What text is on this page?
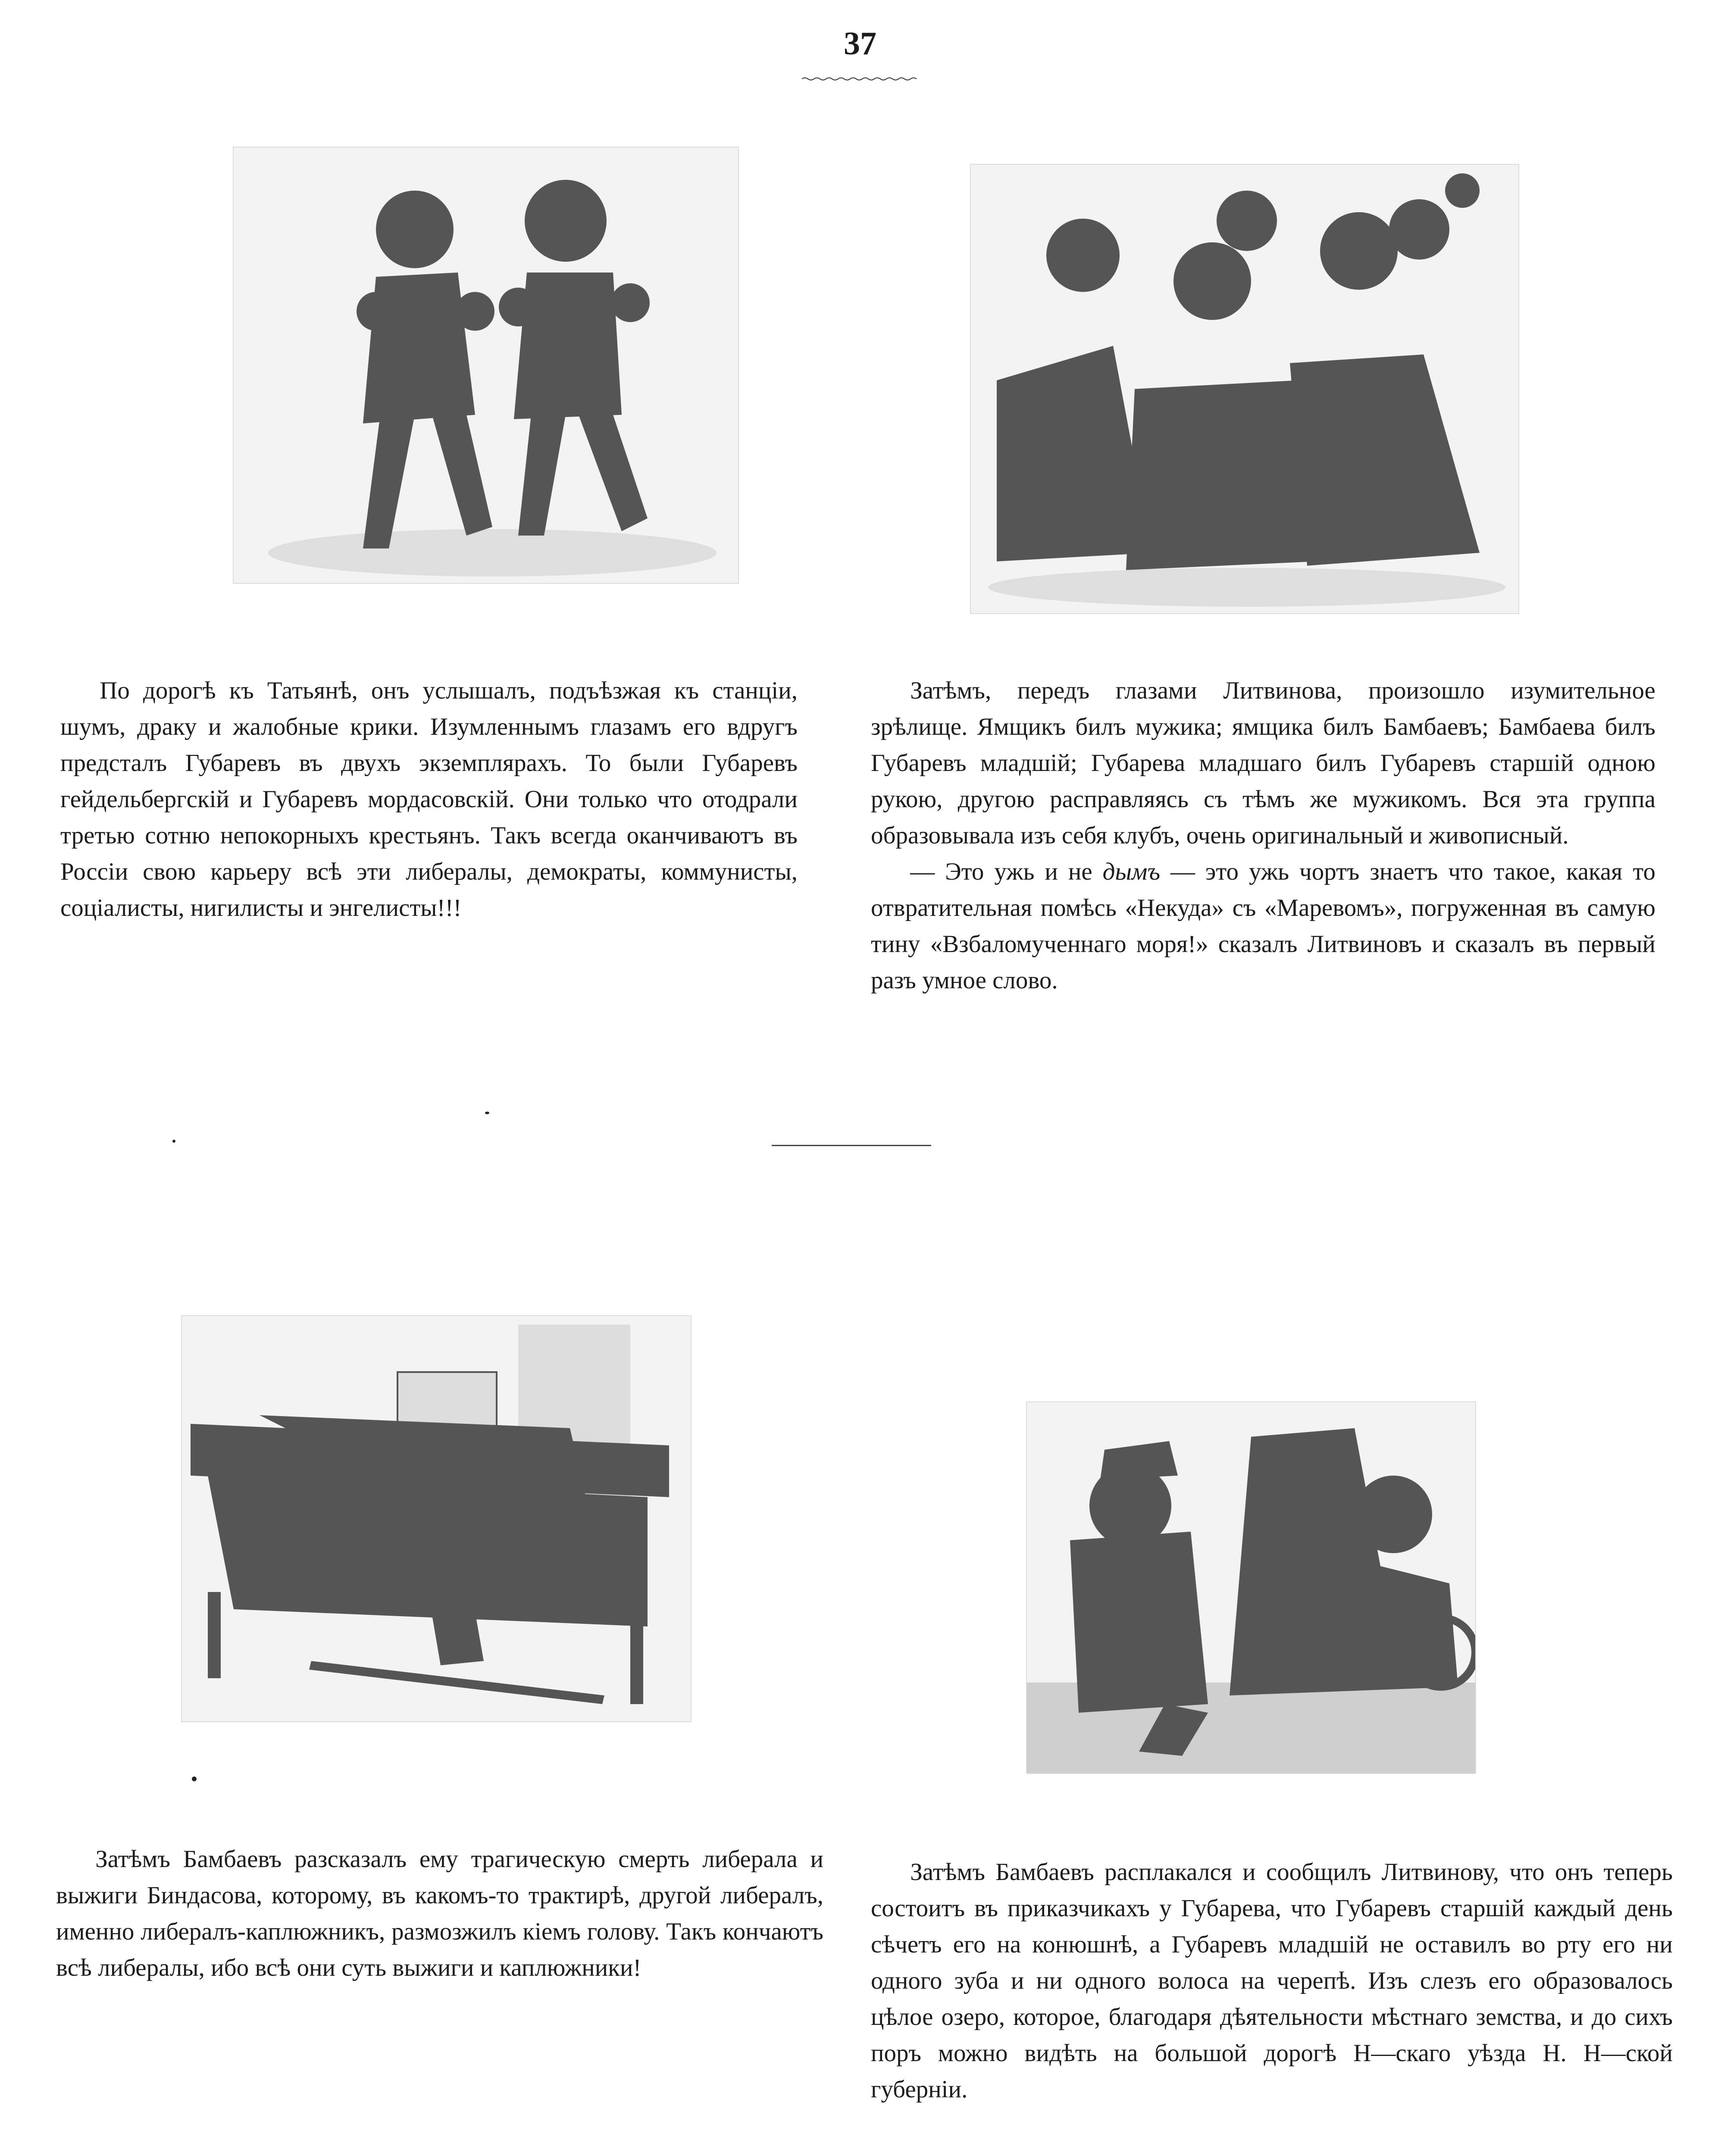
37

По дорогѣ къ Татьянѣ, онъ услышалъ, подъѣзжая къ станціи, шумъ, драку и жалобные крики. Изумленнымъ глазамъ его вдругъ предсталъ Губаревъ въ двухъ экземплярахъ. То были Губаревъ гейдельбергскій и Губаревъ мордасовскій. Они только что отодрали третью сотню непокорныхъ крестьянъ. Такъ всегда оканчиваютъ въ Россіи свою карьеру всѣ эти либералы, демократы, коммунисты, соціалисты, нигилисты и энгелисты!!!

Затѣмъ, передъ глазами Литвинова, произошло изумительное зрѣлище. Ямщикъ билъ мужика; ямщика билъ Бамбаевъ; Бамбаева билъ Губаревъ младшій; Губарева младшаго билъ Губаревъ старшій одною рукою, другою расправляясь съ тѣмъ же мужикомъ. Вся эта группа образовывала изъ себя клубъ, очень оригинальный и живописный.

— Это ужь и не дымъ — это ужь чортъ знаетъ что такое, какая то отвратительная помѣсь «Некуда» съ «Маревомъ», погруженная въ самую тину «Взбаломученнаго моря!» сказалъ Литвиновъ и сказалъ въ первый разъ умное слово.

Затѣмъ Бамбаевъ разсказалъ ему трагическую смерть либерала и выжиги Биндасова, которому, въ какомъ-то трактирѣ, другой либералъ, именно либералъ-каплюжникъ, размозжилъ кіемъ голову. Такъ кончаютъ всѣ либералы, ибо всѣ они суть выжиги и каплюжники!

Затѣмъ Бамбаевъ расплакался и сообщилъ Литвинову, что онъ теперь состоитъ въ приказчикахъ у Губарева, что Губаревъ старшій каждый день сѣчетъ его на конюшнѣ, а Губаревъ младшій не оставилъ во рту его ни одного зуба и ни одного волоса на черепѣ. Изъ слезъ его образовалось цѣлое озеро, которое, благодаря дѣятельности мѣстнаго земства, и до сихъ поръ можно видѣть на большой дорогѣ Н—скаго уѣзда Н. Н—ской губерніи.
